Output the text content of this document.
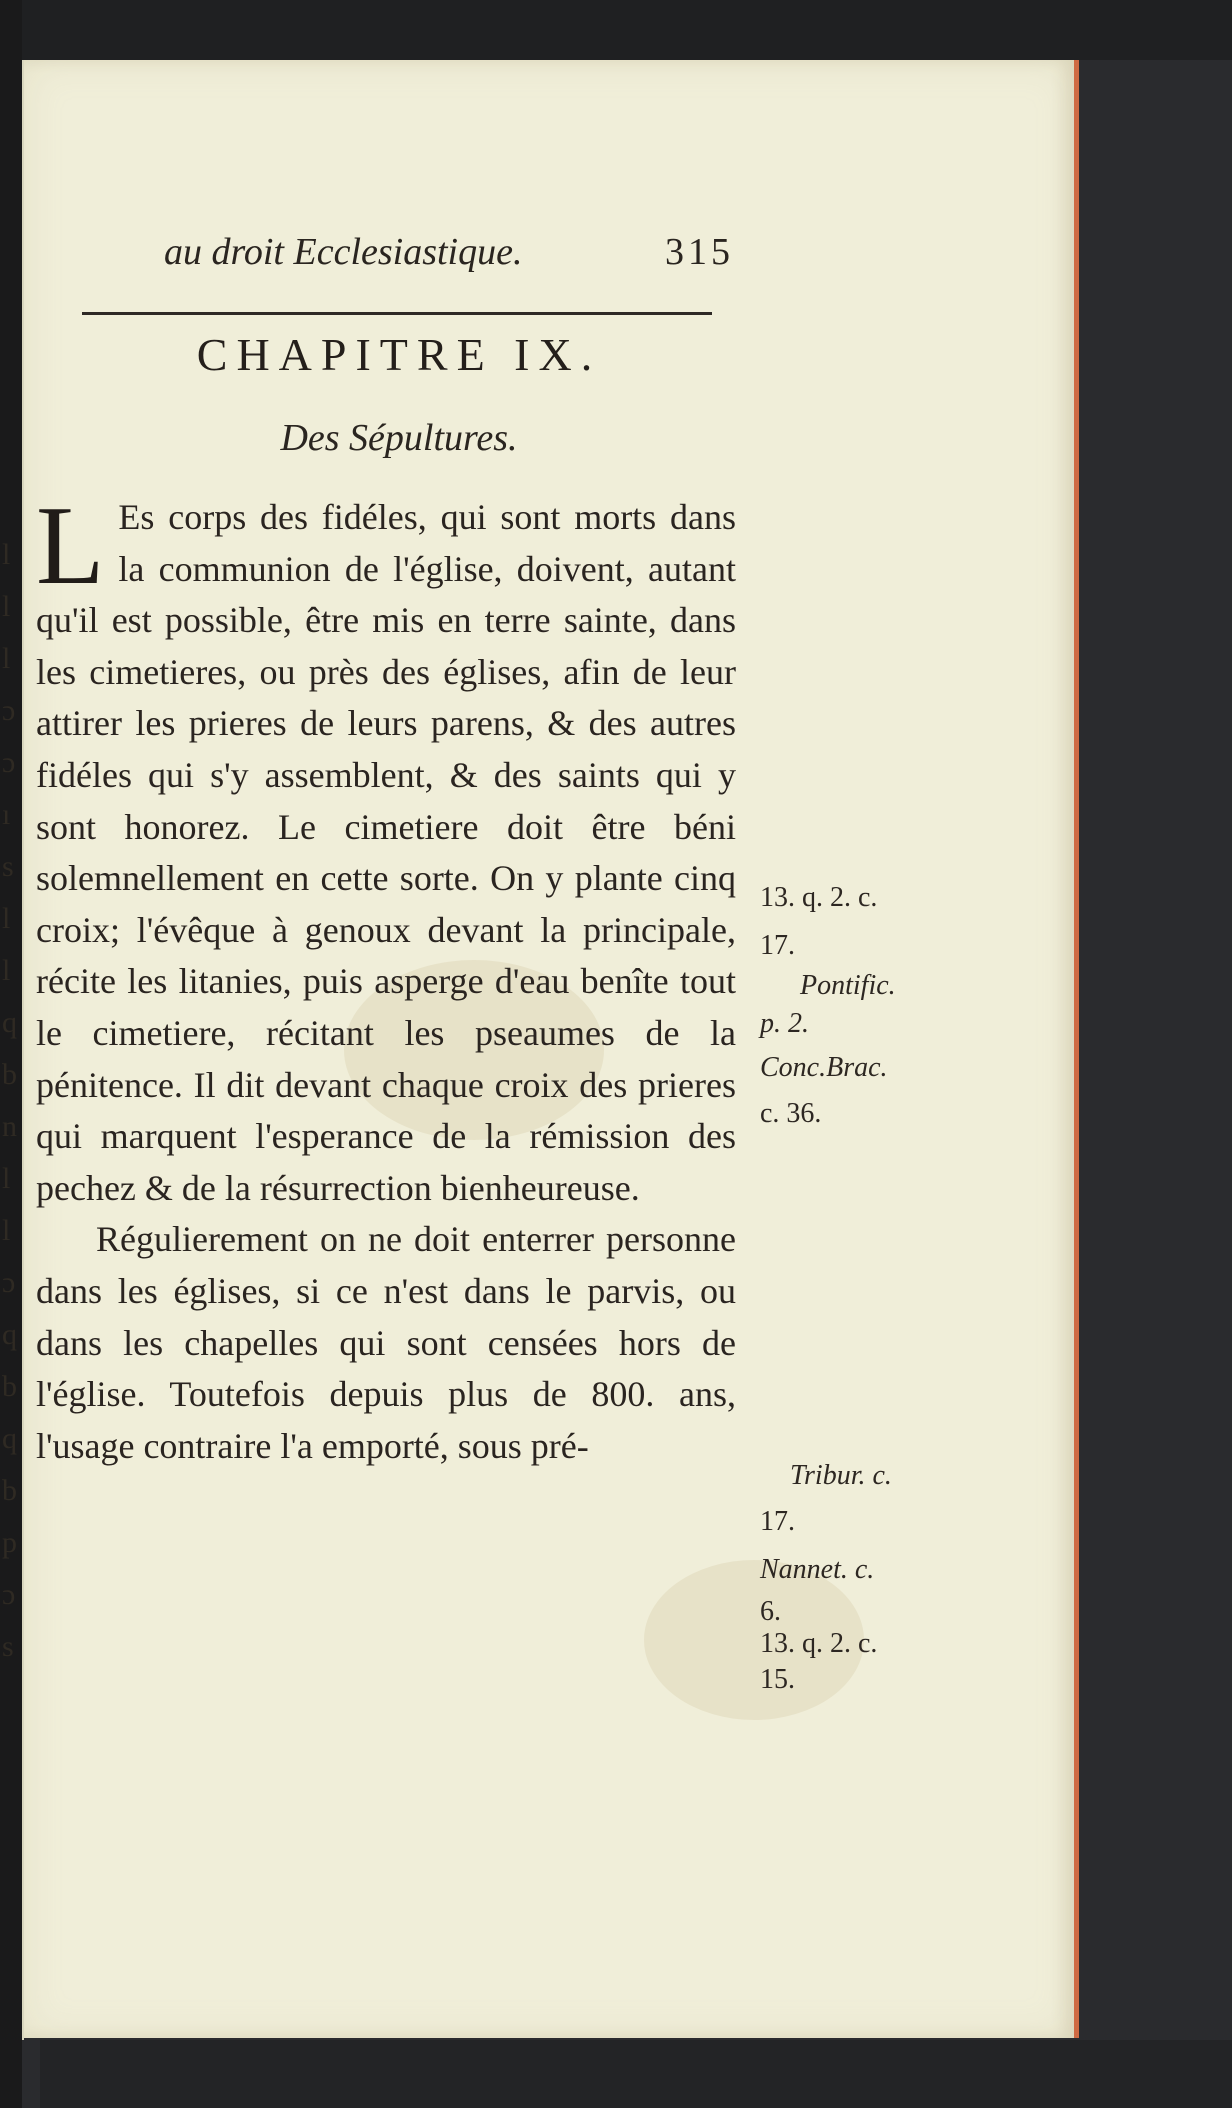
l
l
l
ɔ
ɔ
ı
s
l
l
q
b
n
l
l
ɔ
q
b
q
b
p
ɔ
s
au droit Ecclesiastique.	315
CHAPITRE IX.
Des Sépultures.

L Es corps des fidéles, qui sont morts dans la communion de l'église, doivent, autant qu'il est possible, être mis en terre sainte, dans les cimetieres, ou près des églises, afin de leur attirer les prieres de leurs parens, & des autres fidéles qui s'y assemblent, & des saints qui y sont honorez. Le cimetiere doit être béni solemnellement en cette sorte. On y plante cinq croix; l'évêque à genoux devant la principale, récite les litanies, puis asperge d'eau benîte tout le cimetiere, récitant les pseaumes de la pénitence. Il dit devant chaque croix des prieres qui marquent l'esperance de la rémission des pechez & de la résurrection bienheureuse.

Régulierement on ne doit enterrer personne dans les églises, si ce n'est dans le parvis, ou dans les chapelles qui sont censées hors de l'église. Toutefois depuis plus de 800. ans, l'usage contraire l'a emporté, sous pré-

13. q. 2. c.
17.
Pontific.
p. 2.
Conc.Brac.
c. 36.
Tribur. c.
17.
Nannet. c.
6.
13. q. 2. c.
15.
